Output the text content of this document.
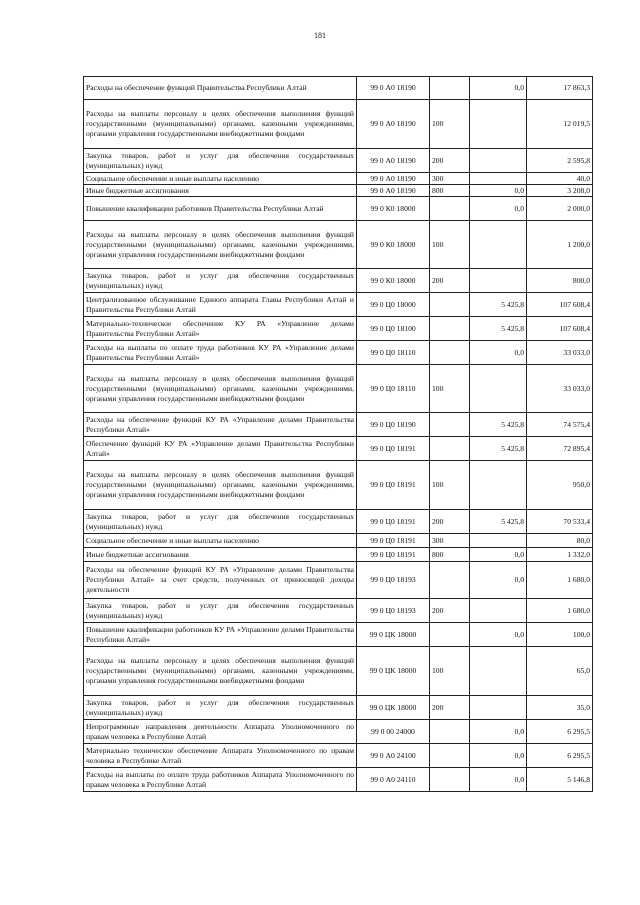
181
Расходы на обеспечение функций Правительства Республики Алтай	99 0 А0 18190		0,0	17 863,3
Расходы на выплаты персоналу в целях обеспечения выполнения функций государственными (муниципальными) органами, казенными учреждениями, органами управления государственными внебюджетными фондами	99 0 А0 18190	100		12 019,5
Закупка товаров, работ и услуг для обеспечения государственных (муниципальных) нужд	99 0 А0 18190	200		2 595,8
Социальное обеспечение и иные выплаты населению	99 0 А0 18190	300		40,0
Иные бюджетные ассигнования	99 0 А0 18190	800	0,0	3 208,0
Повышение квалификации работников Правительства Республики Алтай	99 0 К0 18000		0,0	2 000,0
Расходы на выплаты персоналу в целях обеспечения выполнения функций государственными (муниципальными) органами, казенными учреждениями, органами управления государственными внебюджетными фондами	99 0 К0 18000	100		1 200,0
Закупка товаров, работ и услуг для обеспечения государственных (муниципальных) нужд	99 0 К0 18000	200		800,0
Централизованное обслуживание Единого аппарата Главы Республики Алтай и Правительства Республики Алтай	99 0 Ц0 18000		5 425,8	107 608,4
Материально-техническое обеспечение КУ РА «Управление делами Правительства Республики Алтай»	99 0 Ц0 18100		5 425,8	107 608,4
Расходы на выплаты по оплате труда работников КУ РА «Управление делами Правительства Республики Алтай»	99 0 Ц0 18110		0,0	33 033,0
Расходы на выплаты персоналу в целях обеспечения выполнения функций государственными (муниципальными) органами, казенными учреждениями, органами управления государственными внебюджетными фондами	99 0 Ц0 18110	100		33 033,0
Расходы на обеспечение функций КУ РА «Управление делами Правительства Республики Алтай»	99 0 Ц0 18190		5 425,8	74 575,4
Обеспечение функций КУ РА «Управление делами Правительства Республики Алтай»	99 0 Ц0 18191		5 425,8	72 895,4
Расходы на выплаты персоналу в целях обеспечения выполнения функций государственными (муниципальными) органами, казенными учреждениями, органами управления государственными внебюджетными фондами	99 0 Ц0 18191	100		950,0
Закупка товаров, работ и услуг для обеспечения государственных (муниципальных) нужд	99 0 Ц0 18191	200	5 425,8	70 533,4
Социальное обеспечение и иные выплаты населению	99 0 Ц0 18191	300		80,0
Иные бюджетные ассигнования	99 0 Ц0 18191	800	0,0	1 332,0
Расходы на обеспечение функций КУ РА «Управление делами Правительства Республики Алтай» за счет средств, полученных от приносящей доходы деятельности	99 0 Ц0 18193		0,0	1 680,0
Закупка товаров, работ и услуг для обеспечения государственных (муниципальных) нужд	99 0 Ц0 18193	200		1 680,0
Повышение квалификации работников КУ РА «Управление делами Правительства Республики Алтай»	99 0 ЦК 18000		0,0	100,0
Расходы на выплаты персоналу в целях обеспечения выполнения функций государственными (муниципальными) органами, казенными учреждениями, органами управления государственными внебюджетными фондами	99 0 ЦК 18000	100		65,0
Закупка товаров, работ и услуг для обеспечения государственных (муниципальных) нужд	99 0 ЦК 18000	200		35,0
Непрограммные направления деятельности Аппарата Уполномоченного по правам человека в Республике Алтай	99 0 00 24000		0,0	6 295,5
Материально техническое обеспечение Аппарата Уполномоченного по правам человека в Республике Алтай	99 0 А0 24100		0,0	6 295,5
Расходы на выплаты по оплате труда работников Аппарата Уполномоченного по правам человека в Республике Алтай	99 0 А0 24110		0,0	5 146,8
